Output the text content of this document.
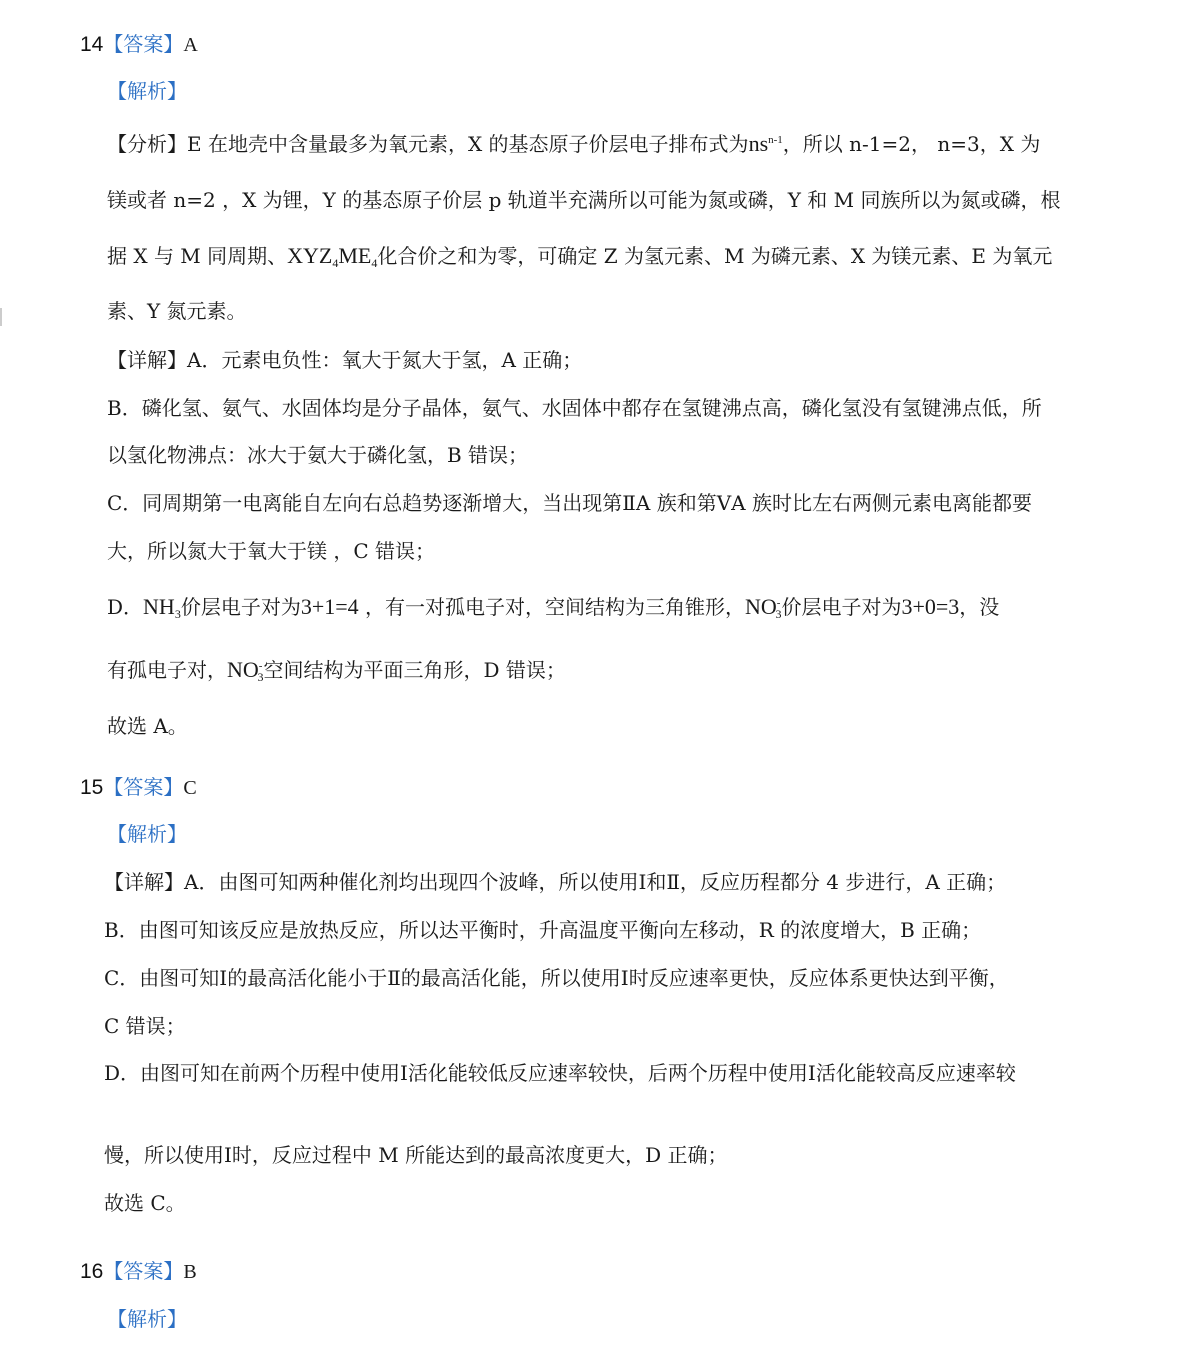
14【答案】A
【解析】
【分析】E 在地壳中含量最多为氧元素，X 的基态原子价层电子排布式为$ns^{n-1}$，所以 n-1=2， n=3，X 为
镁或者 n=2 ，X 为锂，Y 的基态原子价层 p 轨道半充满所以可能为氮或磷，Y 和 M 同族所以为氮或磷，根
据 X 与 M 同周期、$XYZ_4ME_4$化合价之和为零，可确定 Z 为氢元素、M 为磷元素、X 为镁元素、E 为氧元
素、Y 氮元素。
【详解】A．元素电负性：氧大于氮大于氢，A 正确；
B．磷化氢、氨气、水固体均是分子晶体，氨气、水固体中都存在氢键沸点高，磷化氢没有氢键沸点低，所
以氢化物沸点：冰大于氨大于磷化氢，B 错误；
C．同周期第一电离能自左向右总趋势逐渐增大，当出现第ⅡA 族和第ⅤA 族时比左右两侧元素电离能都要
大，所以氮大于氧大于镁 ，C 错误；
D．$NH_3$价层电子对为3+1=4 ，有一对孤电子对，空间结构为三角锥形，$NO^-_3$价层电子对为3+0=3，没
有孤电子对，$NO^-_3$空间结构为平面三角形，D 错误；
故选 A。
15【答案】C
【解析】
【详解】A．由图可知两种催化剂均出现四个波峰，所以使用Ⅰ和Ⅱ，反应历程都分 4 步进行，A 正确；
B．由图可知该反应是放热反应，所以达平衡时，升高温度平衡向左移动，R 的浓度增大，B 正确；
C．由图可知Ⅰ的最高活化能小于Ⅱ的最高活化能，所以使用Ⅰ时反应速率更快，反应体系更快达到平衡，
C 错误；
D．由图可知在前两个历程中使用Ⅰ活化能较低反应速率较快，后两个历程中使用Ⅰ活化能较高反应速率较
慢，所以使用Ⅰ时，反应过程中 M 所能达到的最高浓度更大，D 正确；
故选 C。
16【答案】B
【解析】
